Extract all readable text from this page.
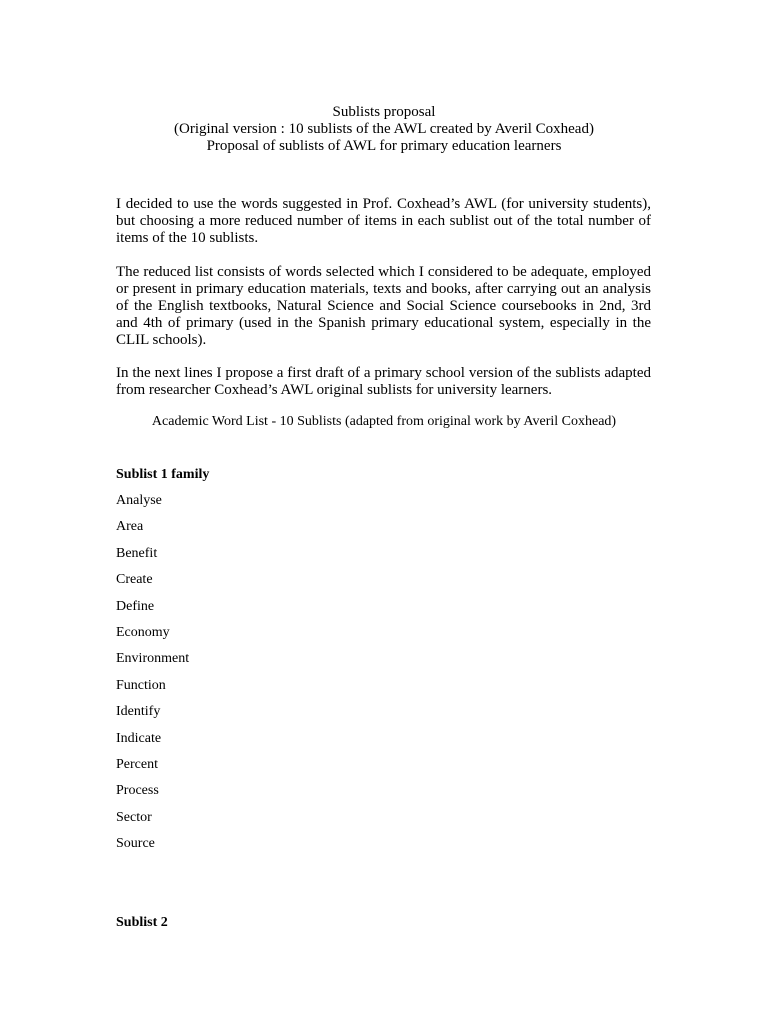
Sublists proposal
(Original version : 10 sublists of the AWL created by Averil Coxhead)
Proposal of sublists of AWL for primary education learners

I decided to use the words suggested in Prof. Coxhead’s AWL (for university students), but choosing a more reduced number of items in each sublist out of the total number of items of the 10 sublists.

The reduced list consists of words selected which I considered to be adequate, employed or present in primary education materials, texts and books, after carrying out an analysis of the English textbooks, Natural Science and Social Science coursebooks in 2nd, 3rd and 4th of primary (used in the Spanish primary educational system, especially in the CLIL schools).

In the next lines I propose a first draft of a primary school version of the sublists adapted from researcher Coxhead’s AWL original sublists for university learners.

Academic Word List - 10 Sublists (adapted from original work by Averil Coxhead)
Sublist 1 family
Analyse
Area
Benefit
Create
Define
Economy
Environment
Function
Identify
Indicate
Percent
Process
Sector
Source
Sublist 2
